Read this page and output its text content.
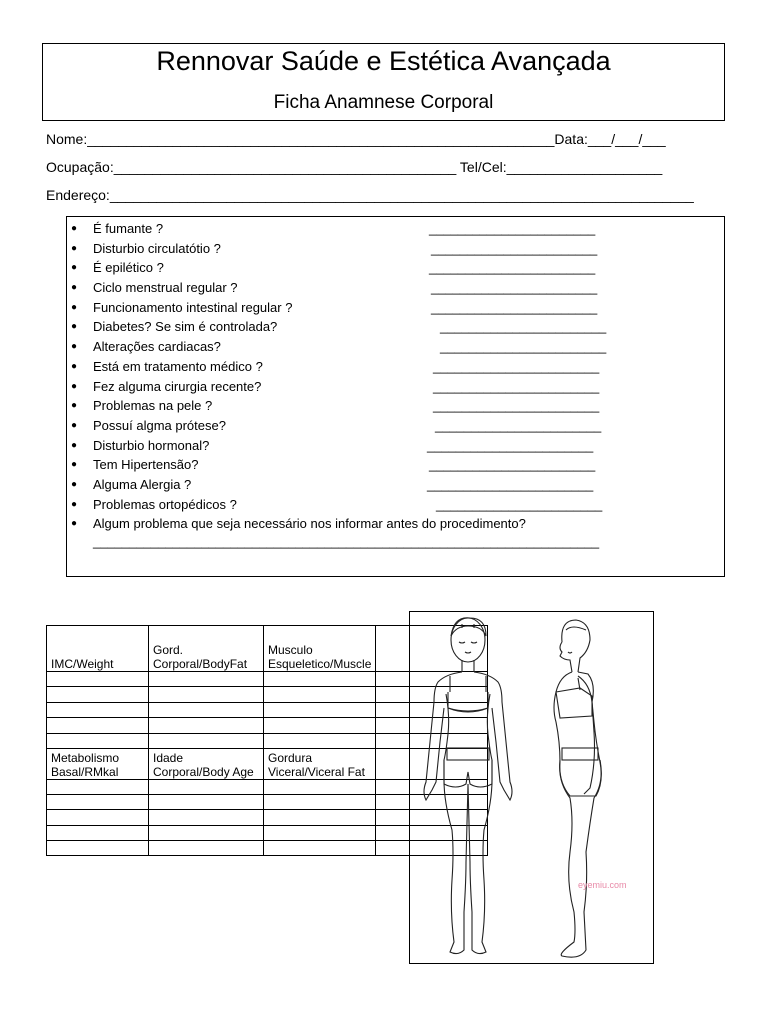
Rennovar Saúde e Estética Avançada
Ficha Anamnese Corporal
Nome:____________________________________________________________Data:___/___/___
Ocupação:____________________________________________ Tel/Cel:____________________
Endereço:___________________________________________________________________________
● É fumante ?	_______________________
● Disturbio circulatótio ?	_______________________
● É epilético ?	_______________________
● Ciclo menstrual regular ?	_______________________
● Funcionamento intestinal regular ?	_______________________
● Diabetes? Se sim é controlada?	_______________________
● Alterações cardiacas?	_______________________
● Está em tratamento médico ?	_______________________
● Fez alguma cirurgia recente?	_______________________
● Problemas na pele ?	_______________________
● Possuí algma prótese?	_______________________
● Disturbio hormonal?	_______________________
● Tem Hipertensão?	_______________________
● Alguma Alergia ?	_______________________
● Problemas ortopédicos ?	_______________________
● Algum problema que seja necessário nos informar antes do procedimento?
______________________________________________________________________
IMC/Weight	Gord. Corporal/BodyFat	Musculo Esqueletico/Muscle	

Metabolismo Basal/RMkal	Idade Corporal/Body Age	Gordura Viceral/Viceral Fat	

eyemiu.com
